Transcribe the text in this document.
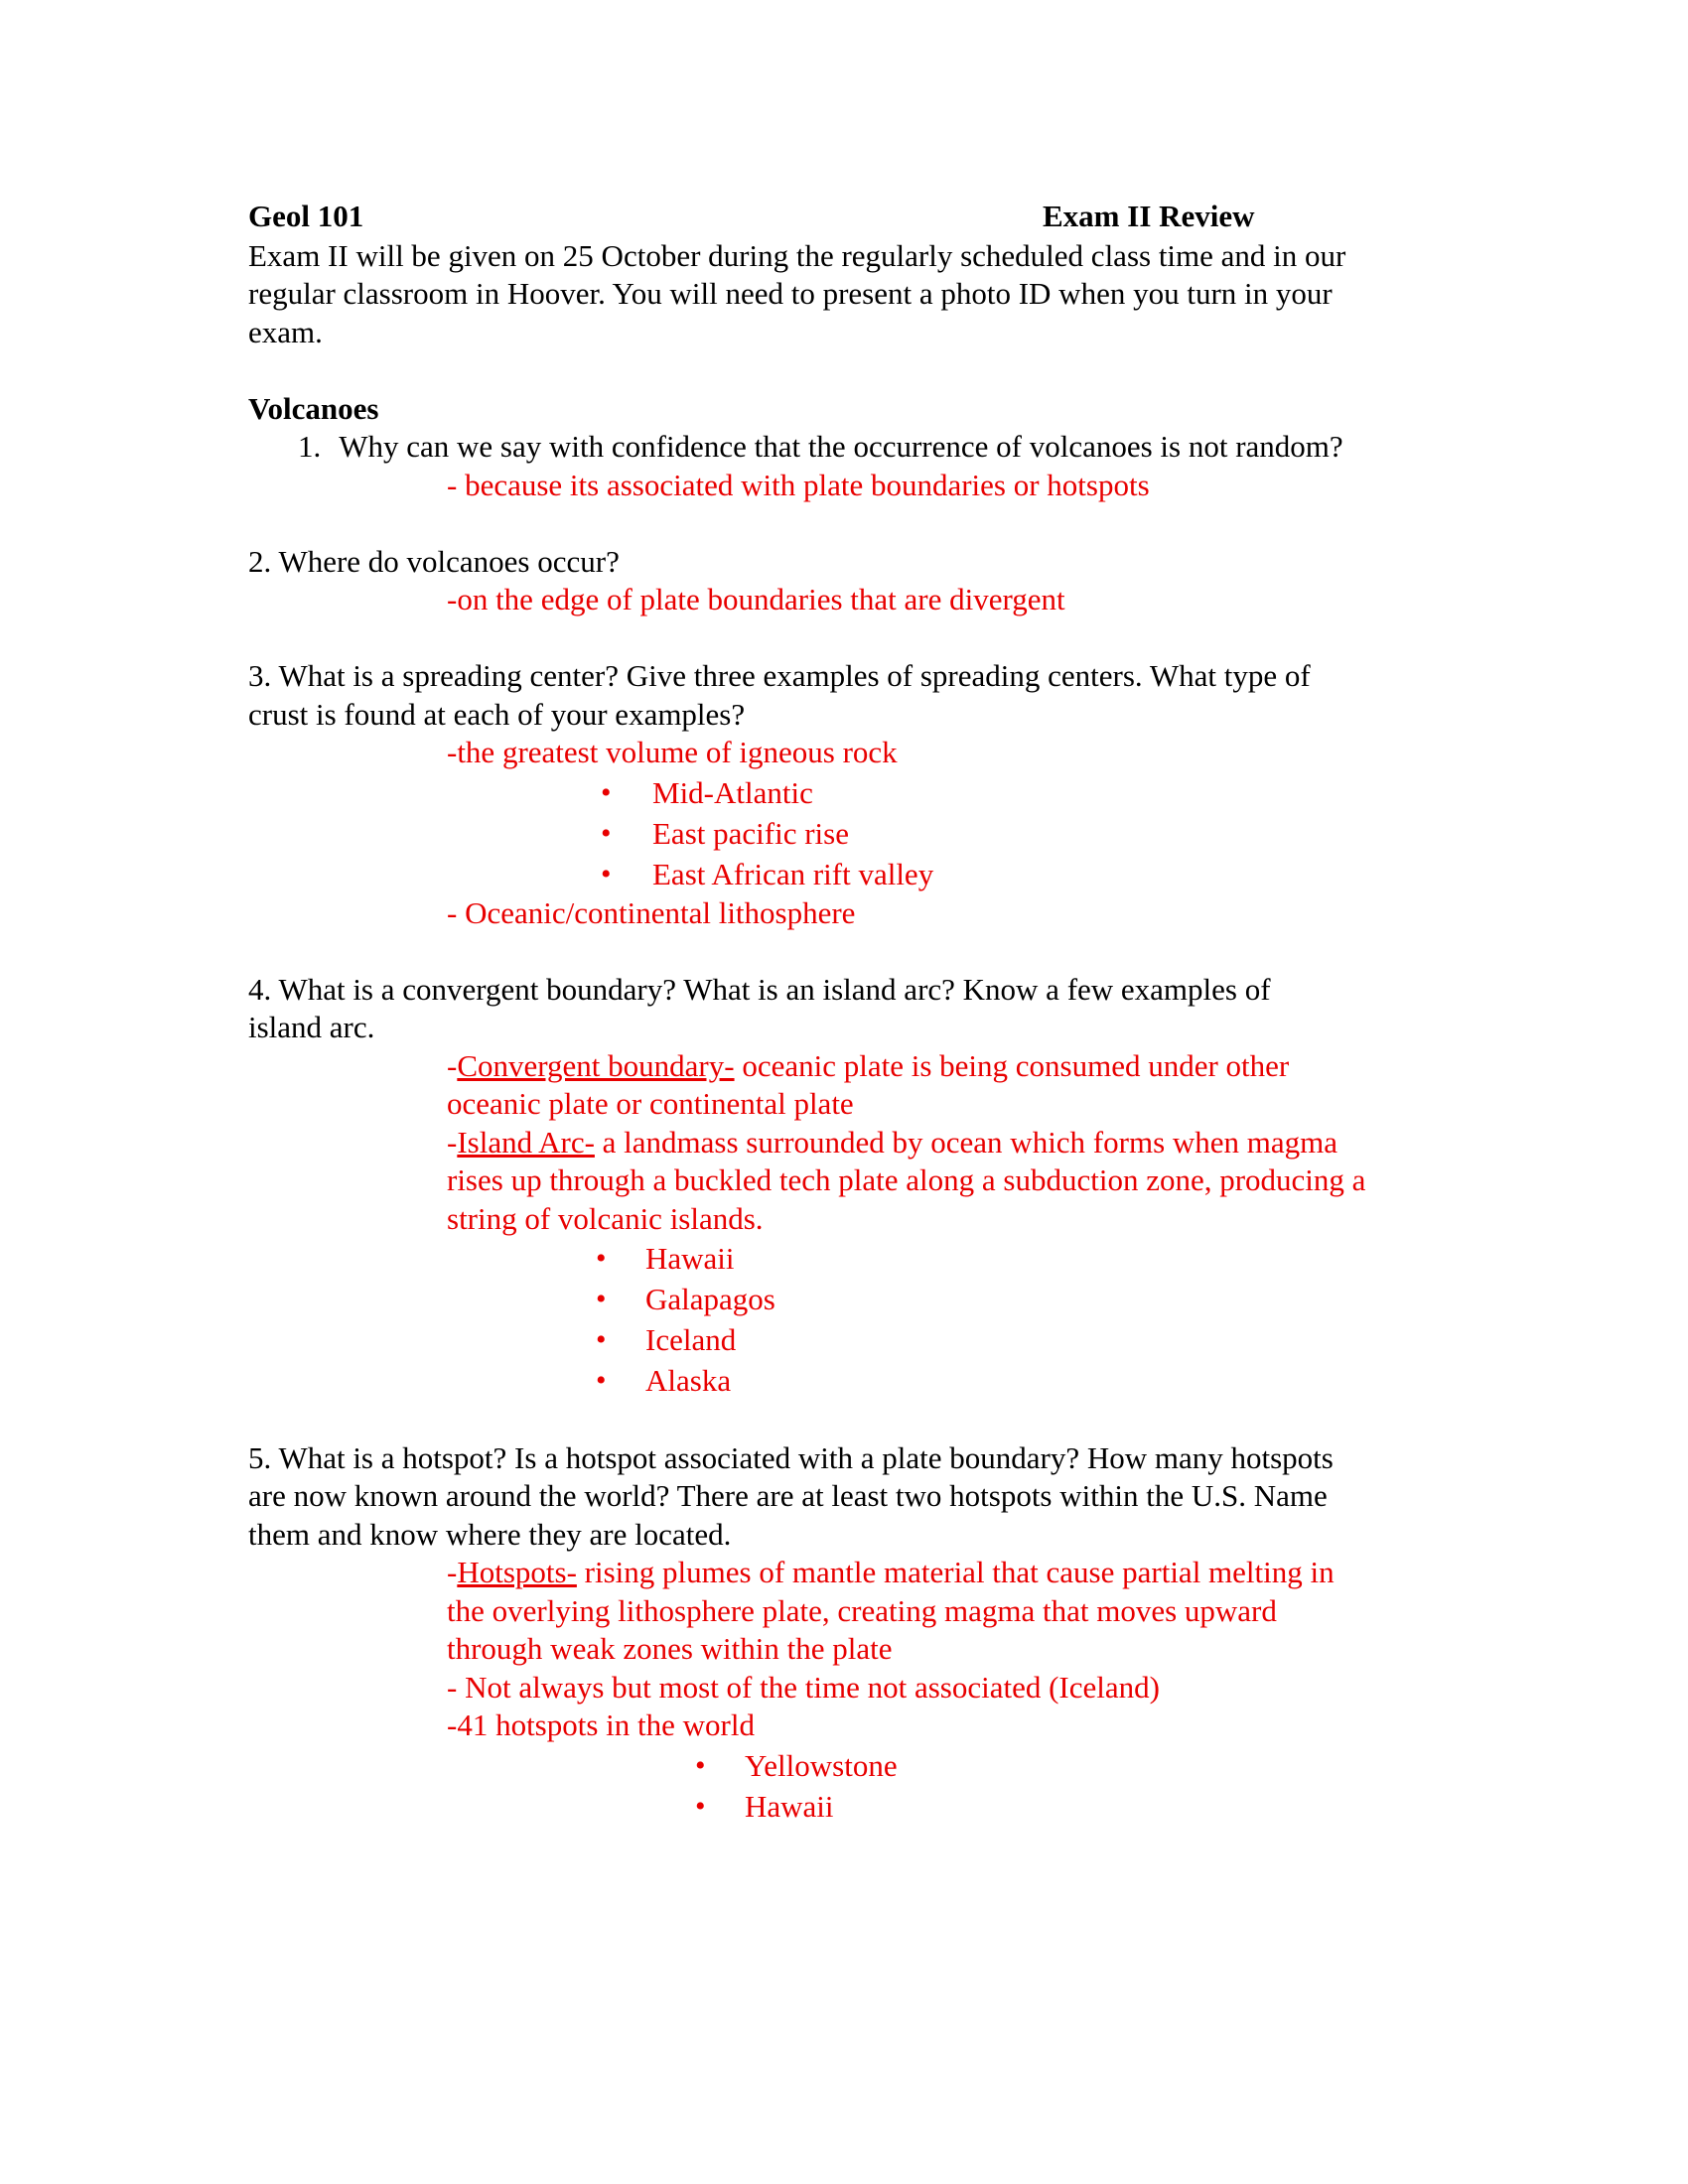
Geol 101	Exam II Review

Exam II will be given on 25 October during the regularly scheduled class time and in our

regular classroom in Hoover. You will need to present a photo ID when you turn in your

exam.

Volcanoes

1. Why can we say with confidence that the occurrence of volcanoes is not random?

- because its associated with plate boundaries or hotspots

2. Where do volcanoes occur?

-on the edge of plate boundaries that are divergent

3. What is a spreading center? Give three examples of spreading centers. What type of

crust is found at each of your examples?

-the greatest volume of igneous rock

• Mid-Atlantic
• East pacific rise
• East African rift valley

- Oceanic/continental lithosphere

4. What is a convergent boundary? What is an island arc? Know a few examples of

island arc.

-Convergent boundary- oceanic plate is being consumed under other

oceanic plate or continental plate

-Island Arc- a landmass surrounded by ocean which forms when magma

rises up through a buckled tech plate along a subduction zone, producing a

string of volcanic islands.

• Hawaii
• Galapagos
• Iceland
• Alaska

5. What is a hotspot? Is a hotspot associated with a plate boundary? How many hotspots

are now known around the world? There are at least two hotspots within the U.S. Name

them and know where they are located.

-Hotspots- rising plumes of mantle material that cause partial melting in

the overlying lithosphere plate, creating magma that moves upward

through weak zones within the plate

- Not always but most of the time not associated (Iceland)

-41 hotspots in the world

• Yellowstone
• Hawaii
